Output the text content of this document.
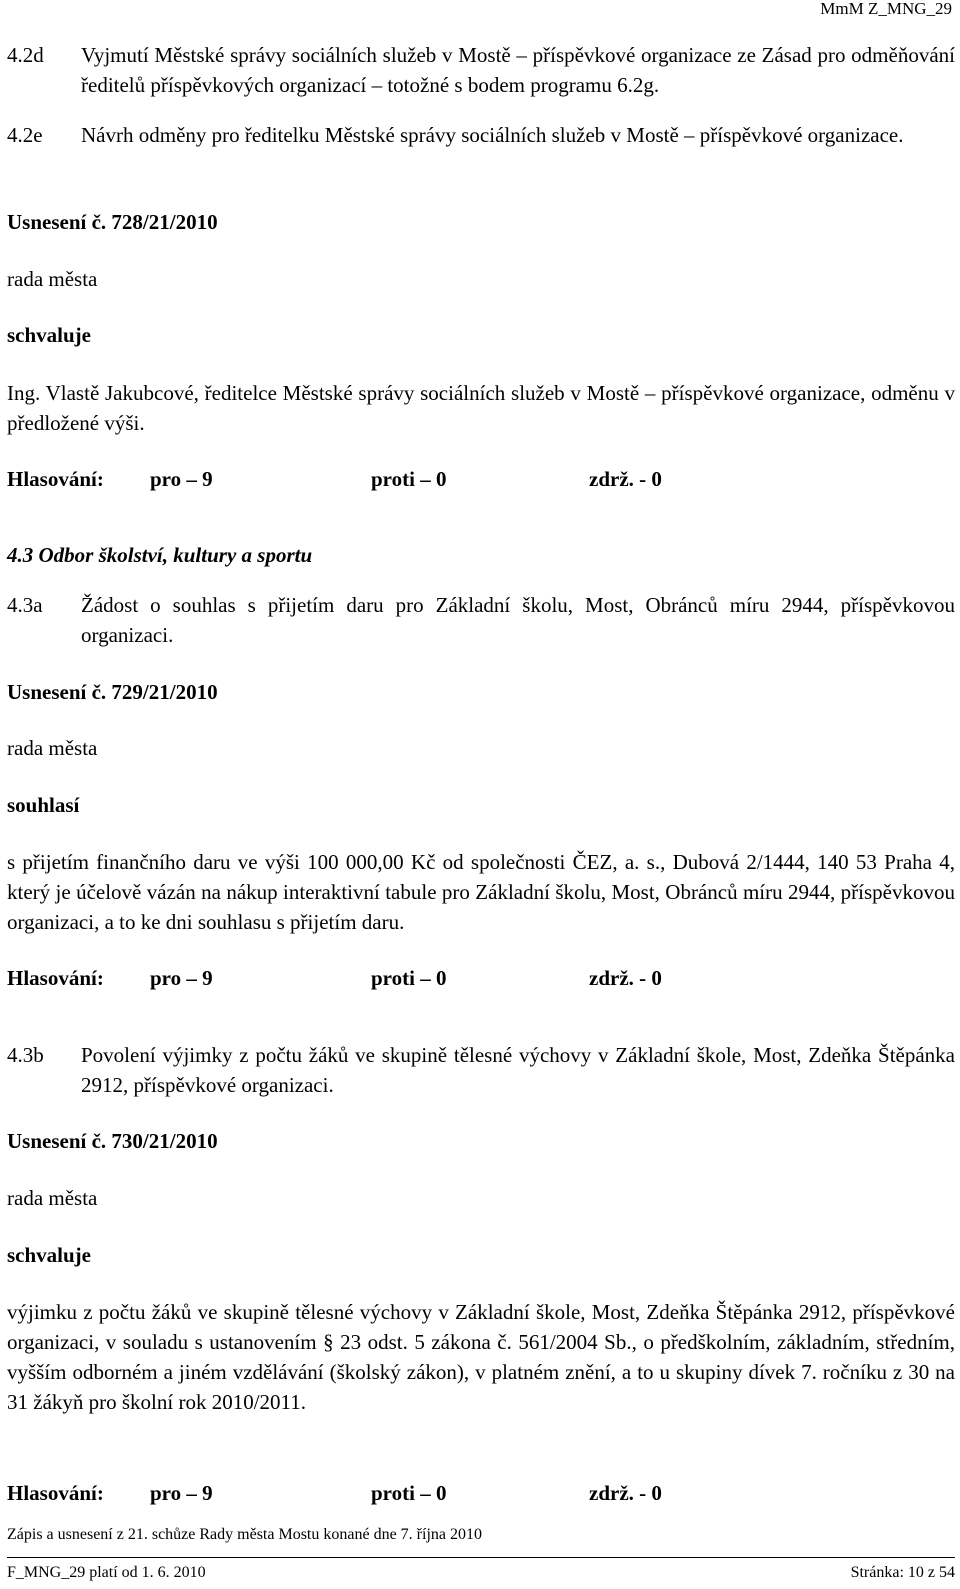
MmM Z_MNG_29
4.2d	Vyjmutí Městské správy sociálních služeb v Mostě – příspěvkové organizace ze Zásad pro odměňování ředitelů příspěvkových organizací – totožné s bodem programu 6.2g.
4.2e	Návrh odměny pro ředitelku Městské správy sociálních služeb v Mostě – příspěvkové organizace.
Usnesení č. 728/21/2010
rada města
schvaluje
Ing. Vlastě Jakubcové, ředitelce Městské správy sociálních služeb v Mostě – příspěvkové organizace, odměnu v předložené výši.
Hlasování: pro – 9	proti – 0	zdrž. - 0
4.3 Odbor školství, kultury a sportu
4.3a	Žádost o souhlas s přijetím daru pro Základní školu, Most, Obránců míru 2944, příspěvkovou organizaci.
Usnesení č. 729/21/2010
rada města
souhlasí
s přijetím finančního daru ve výši 100 000,00 Kč od společnosti ČEZ, a. s., Dubová 2/1444, 140 53 Praha 4, který je účelově vázán na nákup interaktivní tabule pro Základní školu, Most, Obránců míru 2944, příspěvkovou organizaci, a to ke dni souhlasu s přijetím daru.
Hlasování: pro – 9	proti – 0	zdrž. - 0
4.3b	Povolení výjimky z počtu žáků ve skupině tělesné výchovy v Základní škole, Most, Zdeňka Štěpánka 2912, příspěvkové organizaci.
Usnesení č. 730/21/2010
rada města
schvaluje
výjimku z počtu žáků ve skupině tělesné výchovy v Základní škole, Most, Zdeňka Štěpánka 2912, příspěvkové organizaci, v souladu s ustanovením § 23 odst. 5 zákona č. 561/2004 Sb., o předškolním, základním, středním, vyšším odborném a jiném vzdělávání (školský zákon), v platném znění, a to u skupiny dívek 7. ročníku z 30 na 31 žákyň pro školní rok 2010/2011.
Hlasování: pro – 9	proti – 0	zdrž. - 0
Zápis a usnesení z 21. schůze Rady města Mostu konané dne 7. října 2010
F_MNG_29 platí od 1. 6. 2010	Stránka: 10 z 54
